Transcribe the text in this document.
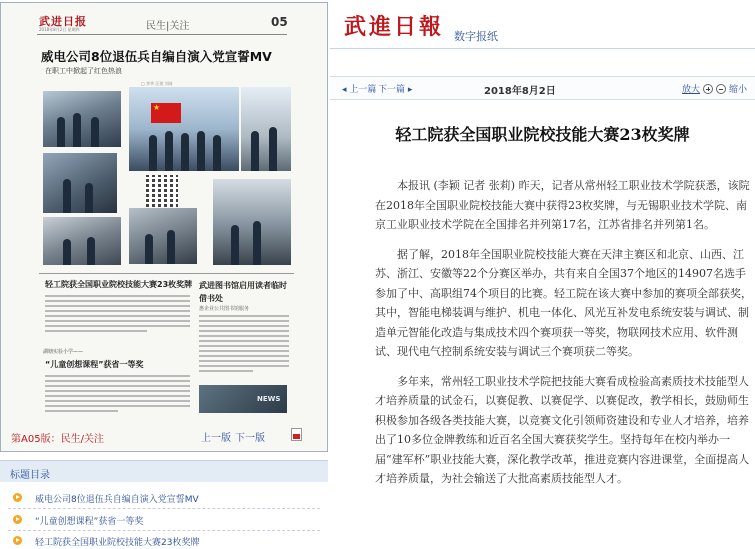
武进日报
2018年8月2日 星期四	民生|关注	05
威电公司8位退伍兵自编自演入党宣誓MV
在职工中掀起了红色热浪
□ 李华 汪建 刘琦
★
轻工院获全国职业院校技能大赛23枚奖牌 武进图书馆启用读者临时借书处
惠企业公共图书馆服务
湖塘实验小学——
“儿童创想课程”获省一等奖
NEWS
第A05版：民生/关注	上一版 下一版
标题目录
威电公司8位退伍兵自编自演入党宣誓MV
“儿童创想课程”获省一等奖
轻工院获全国职业院校技能大赛23枚奖牌
武進日報 数字报纸
◂ 上一篇 下一篇 ▸	2018年8月2日	放大	缩小
轻工院获全国职业院校技能大赛23枚奖牌

本报讯 (李颖 记者 张莉) 昨天，记者从常州轻工职业技术学院获悉，该院在2018年全国职业院校技能大赛中获得23枚奖牌，与无锡职业技术学院、南京工业职业技术学院在全国排名并列第17名，江苏省排名并列第1名。

据了解，2018年全国职业院校技能大赛在天津主赛区和北京、山西、江苏、浙江、安徽等22个分赛区举办，共有来自全国37个地区的14907名选手参加了中、高职组74个项目的比赛。轻工院在该大赛中参加的赛项全部获奖，其中，智能电梯装调与维护、机电一体化、风光互补发电系统安装与调试、制造单元智能化改造与集成技术四个赛项获一等奖，物联网技术应用、软件测试、现代电气控制系统安装与调试三个赛项获二等奖。

多年来，常州轻工职业技术学院把技能大赛看成检验高素质技术技能型人才培养质量的试金石，以赛促教、以赛促学、以赛促改，教学相长，鼓励师生积极参加各级各类技能大赛，以竞赛文化引领师资建设和专业人才培养，培养出了10多位金牌教练和近百名全国大赛获奖学生。坚持每年在校内举办一届“建军杯”职业技能大赛，深化教学改革，推进竞赛内容进课堂，全面提高人才培养质量，为社会输送了大批高素质技能型人才。
